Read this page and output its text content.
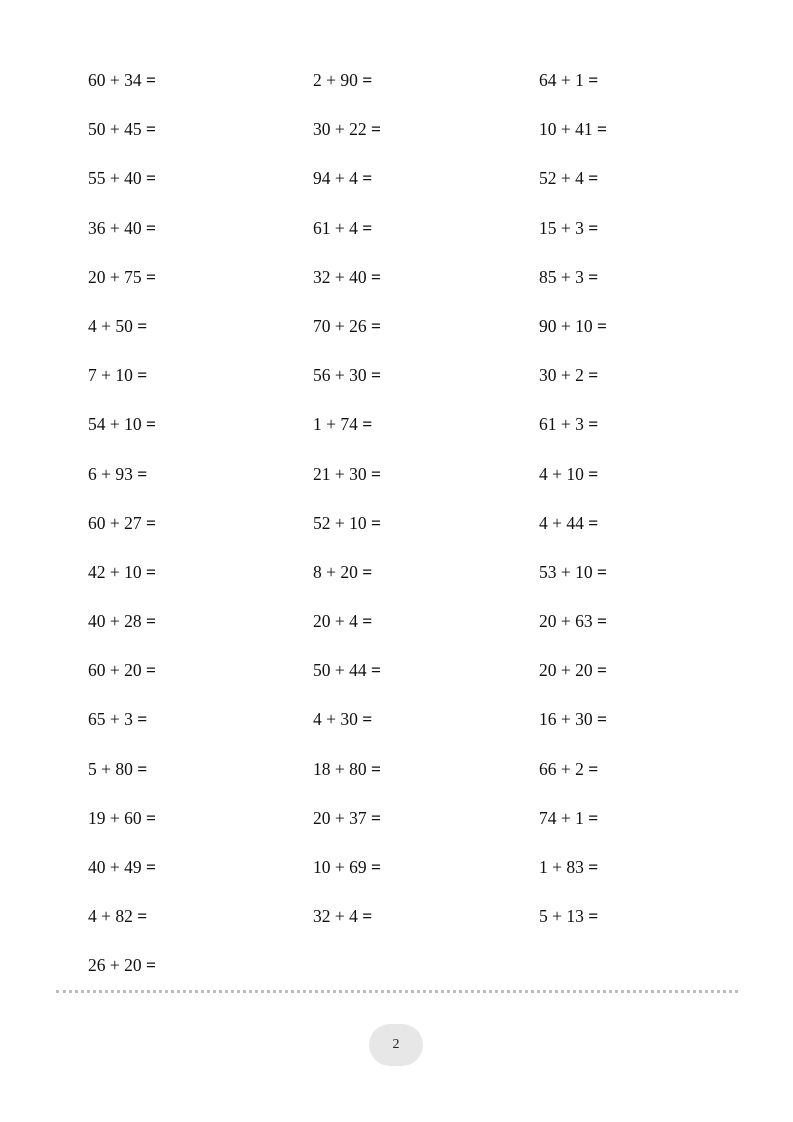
60 + 34 =
50 + 45 =
55 + 40 =
36 + 40 =
20 + 75 =
4 + 50 =
7 + 10 =
54 + 10 =
6 + 93 =
60 + 27 =
42 + 10 =
40 + 28 =
60 + 20 =
65 + 3 =
5 + 80 =
19 + 60 =
40 + 49 =
4 + 82 =
26 + 20 =
2 + 90 =
30 + 22 =
94 + 4 =
61 + 4 =
32 + 40 =
70 + 26 =
56 + 30 =
1 + 74 =
21 + 30 =
52 + 10 =
8 + 20 =
20 + 4 =
50 + 44 =
4 + 30 =
18 + 80 =
20 + 37 =
10 + 69 =
32 + 4 =
64 + 1 =
10 + 41 =
52 + 4 =
15 + 3 =
85 + 3 =
90 + 10 =
30 + 2 =
61 + 3 =
4 + 10 =
4 + 44 =
53 + 10 =
20 + 63 =
20 + 20 =
16 + 30 =
66 + 2 =
74 + 1 =
1 + 83 =
5 + 13 =
2
